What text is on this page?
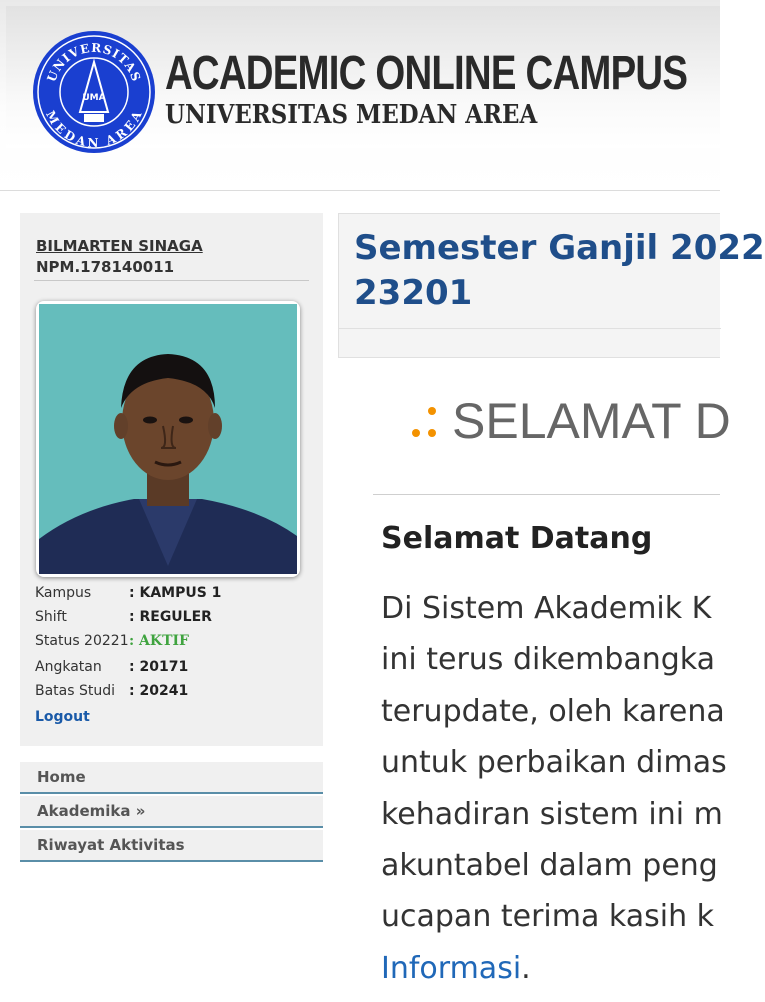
UNIVERSITAS
MEDAN AREA
UMA ACADEMIC ONLINE CAMPUS
UNIVERSITAS MEDAN AREA
BILMARTEN SINAGA
NPM.178140011
Kampus	: KAMPUS 1
Shift	: REGULER
Status 20221: AKTIF
Angkatan : 20171
Batas Studi : 20241
Logout
Home
Akademika »
Riwayat Aktivitas
Semester Ganjil 2022
23201
SELAMAT D
Selamat Datang
Di Sistem Akademik K
ini terus dikembangka
terupdate, oleh karena
untuk perbaikan dimas
kehadiran sistem ini m
akuntabel dalam peng
ucapan terima kasih k
Informasi.
